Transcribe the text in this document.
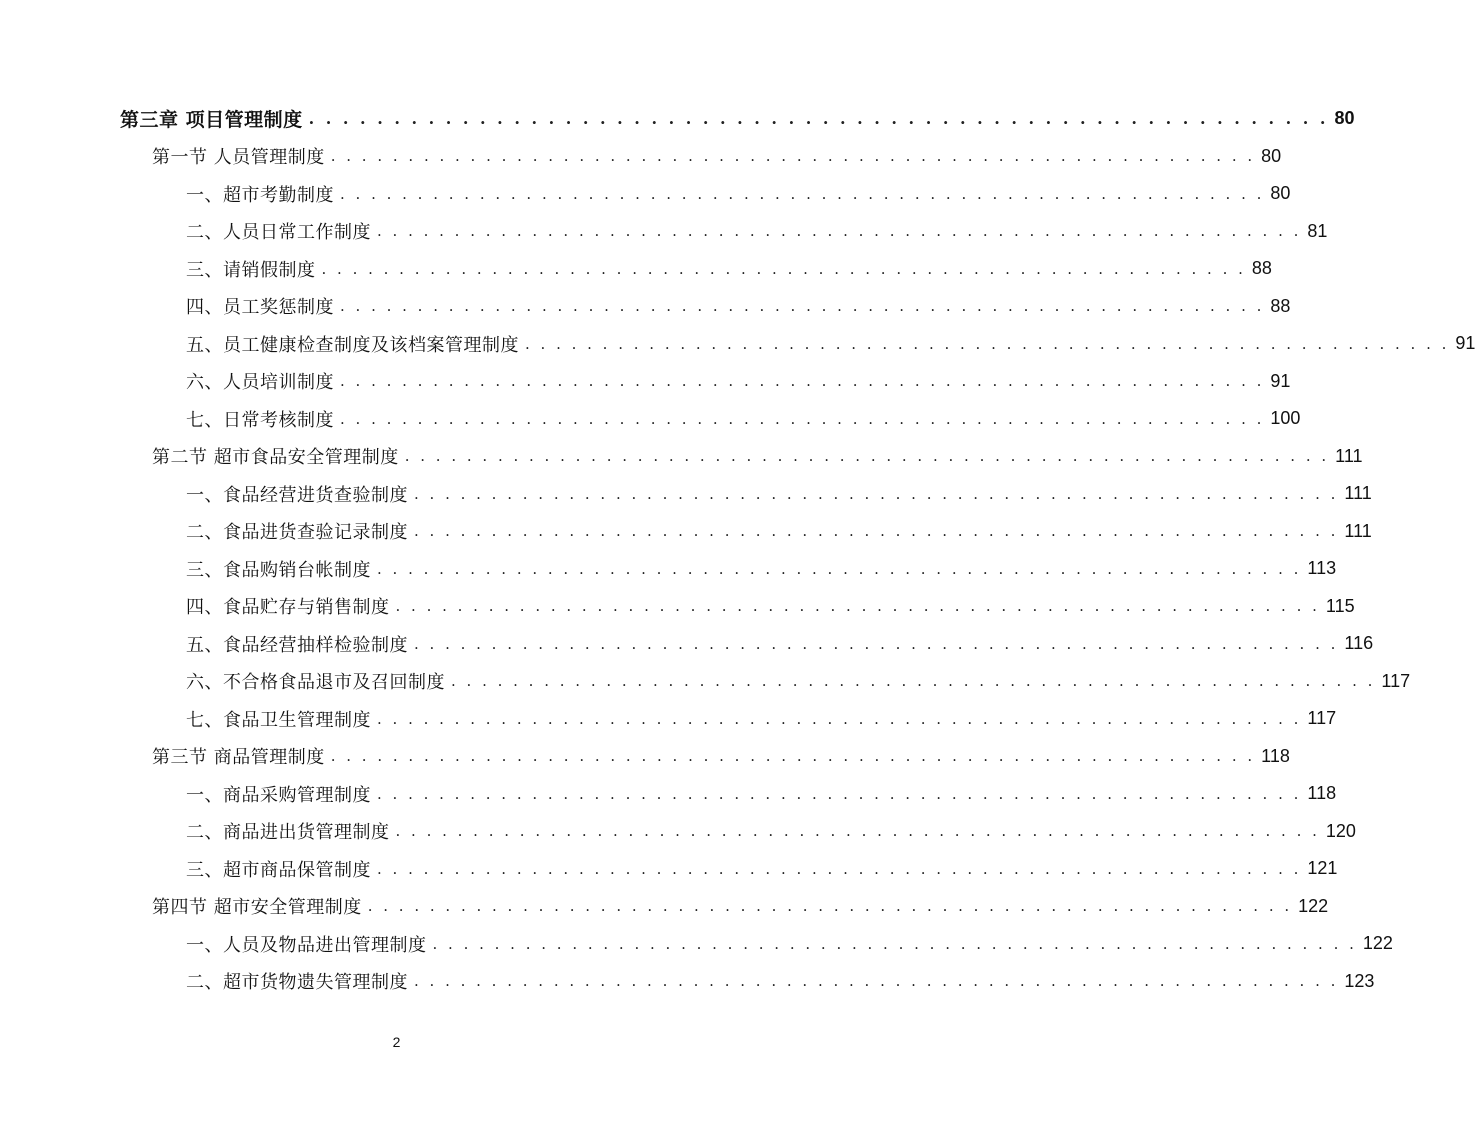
第三章 项目管理制度 . . . . . . . . . . . . . . . . . . . . . . . . . . . . . . . . . . . . . . . . . . . . . . . . . . . . . . . . . . . . 80
第一节 人员管理制度 . . . . . . . . . . . . . . . . . . . . . . . . . . . . . . . . . . . . . . . . . . . . . . . . . . . . . . . . . . . . 80
一、超市考勤制度 . . . . . . . . . . . . . . . . . . . . . . . . . . . . . . . . . . . . . . . . . . . . . . . . . . . . . . . . . . . . 80
二、人员日常工作制度 . . . . . . . . . . . . . . . . . . . . . . . . . . . . . . . . . . . . . . . . . . . . . . . . . . . . . . . . . . . . 81
三、请销假制度 . . . . . . . . . . . . . . . . . . . . . . . . . . . . . . . . . . . . . . . . . . . . . . . . . . . . . . . . . . . . 88
四、员工奖惩制度 . . . . . . . . . . . . . . . . . . . . . . . . . . . . . . . . . . . . . . . . . . . . . . . . . . . . . . . . . . . . 88
五、员工健康检查制度及该档案管理制度 . . . . . . . . . . . . . . . . . . . . . . . . . . . . . . . . . . . . . . . . . . . . . . . . . . . . . . . . . . . . 91
六、人员培训制度 . . . . . . . . . . . . . . . . . . . . . . . . . . . . . . . . . . . . . . . . . . . . . . . . . . . . . . . . . . . . 91
七、日常考核制度 . . . . . . . . . . . . . . . . . . . . . . . . . . . . . . . . . . . . . . . . . . . . . . . . . . . . . . . . . . . . 100
第二节 超市食品安全管理制度 . . . . . . . . . . . . . . . . . . . . . . . . . . . . . . . . . . . . . . . . . . . . . . . . . . . . . . . . . . . . 111
一、食品经营进货查验制度 . . . . . . . . . . . . . . . . . . . . . . . . . . . . . . . . . . . . . . . . . . . . . . . . . . . . . . . . . . . . 111
二、食品进货查验记录制度 . . . . . . . . . . . . . . . . . . . . . . . . . . . . . . . . . . . . . . . . . . . . . . . . . . . . . . . . . . . . 111
三、食品购销台帐制度 . . . . . . . . . . . . . . . . . . . . . . . . . . . . . . . . . . . . . . . . . . . . . . . . . . . . . . . . . . . . 113
四、食品贮存与销售制度 . . . . . . . . . . . . . . . . . . . . . . . . . . . . . . . . . . . . . . . . . . . . . . . . . . . . . . . . . . . . 115
五、食品经营抽样检验制度 . . . . . . . . . . . . . . . . . . . . . . . . . . . . . . . . . . . . . . . . . . . . . . . . . . . . . . . . . . . . 116
六、不合格食品退市及召回制度 . . . . . . . . . . . . . . . . . . . . . . . . . . . . . . . . . . . . . . . . . . . . . . . . . . . . . . . . . . . . 117
七、食品卫生管理制度 . . . . . . . . . . . . . . . . . . . . . . . . . . . . . . . . . . . . . . . . . . . . . . . . . . . . . . . . . . . . 117
第三节 商品管理制度 . . . . . . . . . . . . . . . . . . . . . . . . . . . . . . . . . . . . . . . . . . . . . . . . . . . . . . . . . . . . 118
一、商品采购管理制度 . . . . . . . . . . . . . . . . . . . . . . . . . . . . . . . . . . . . . . . . . . . . . . . . . . . . . . . . . . . . 118
二、商品进出货管理制度 . . . . . . . . . . . . . . . . . . . . . . . . . . . . . . . . . . . . . . . . . . . . . . . . . . . . . . . . . . . . 120
三、超市商品保管制度 . . . . . . . . . . . . . . . . . . . . . . . . . . . . . . . . . . . . . . . . . . . . . . . . . . . . . . . . . . . . 121
第四节 超市安全管理制度 . . . . . . . . . . . . . . . . . . . . . . . . . . . . . . . . . . . . . . . . . . . . . . . . . . . . . . . . . . . . 122
一、人员及物品进出管理制度 . . . . . . . . . . . . . . . . . . . . . . . . . . . . . . . . . . . . . . . . . . . . . . . . . . . . . . . . . . . . 122
二、超市货物遗失管理制度 . . . . . . . . . . . . . . . . . . . . . . . . . . . . . . . . . . . . . . . . . . . . . . . . . . . . . . . . . . . . 123
2
